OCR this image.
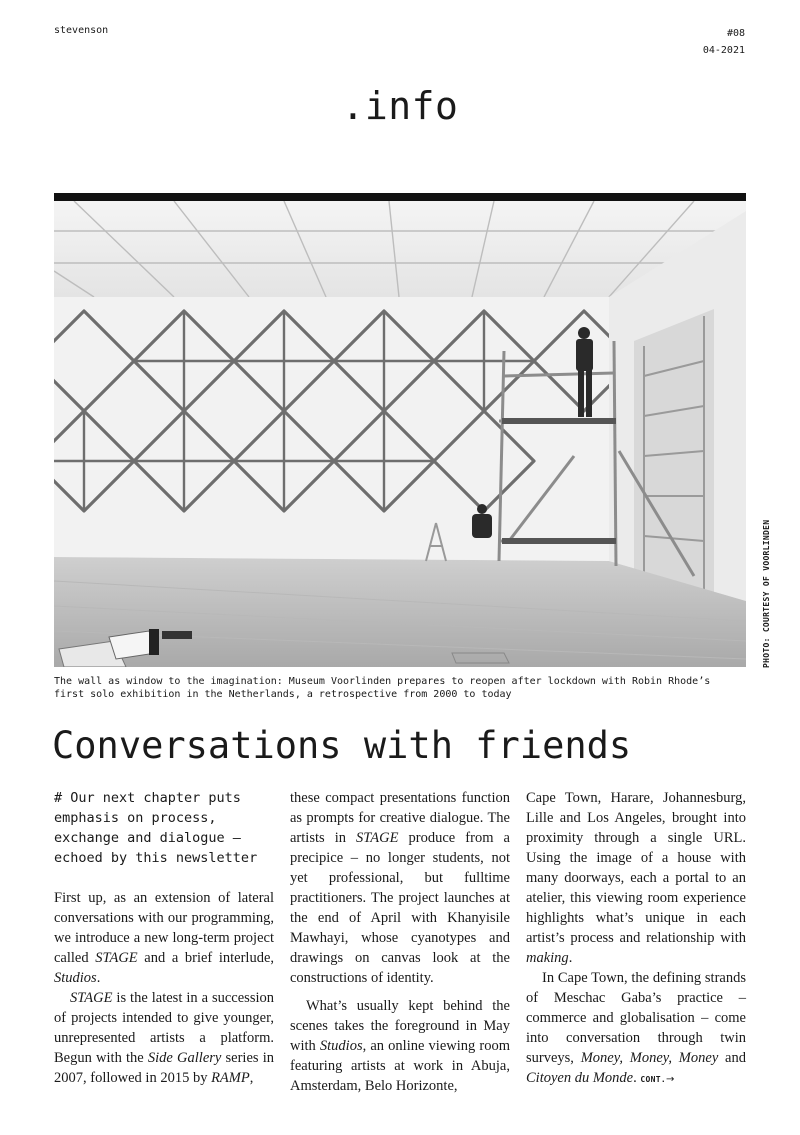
stevenson	#08
04-2021
.info
PHOTO: COURTESY OF VOORLINDEN
The wall as window to the imagination: Museum Voorlinden prepares to reopen after lockdown with Robin Rhode’s first solo exhibition in the Netherlands, a retrospective from 2000 to today
Conversations with friends

# Our next chapter puts emphasis on process, exchange and dialogue – echoed by this newsletter

First up, as an extension of lateral conversations with our programming, we introduce a new long-term project called STAGE and a brief interlude, Studios.

STAGE is the latest in a succession of projects intended to give younger, unrepresented artists a platform. Begun with the Side Gallery series in 2007, followed in 2015 by RAMP,

these compact presentations function as prompts for creative dialogue. The artists in STAGE produce from a precipice – no longer students, not yet professional, but fulltime practitioners. The project launches at the end of April with Khanyisile Mawhayi, whose cyanotypes and drawings on canvas look at the constructions of identity.

What’s usually kept behind the scenes takes the foreground in May with Studios, an online viewing room featuring artists at work in Abuja, Amsterdam, Belo Horizonte,

Cape Town, Harare, Johannesburg, Lille and Los Angeles, brought into proximity through a single URL. Using the image of a house with many doorways, each a portal to an atelier, this viewing room experience highlights what’s unique in each artist’s process and relationship with making.

In Cape Town, the defining strands of Meschac Gaba’s practice – commerce and globalisation – come into conversation through twin surveys, Money, Money, Money and Citoyen du Monde. CONT.→
